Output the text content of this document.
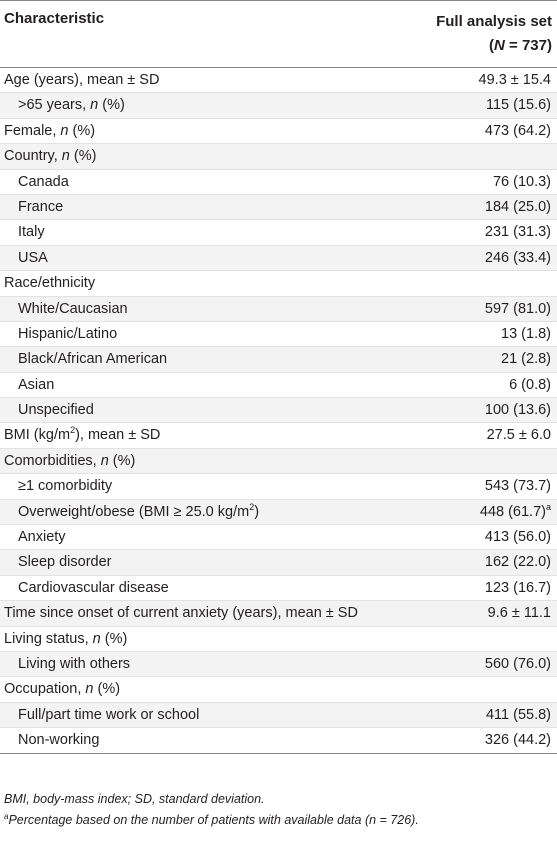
Characteristic	Full analysis set
(N = 737)
Age (years), mean ± SD	49.3 ± 15.4
>65 years, n (%)	115 (15.6)
Female, n (%)	473 (64.2)
Country, n (%)
Canada	76 (10.3)
France	184 (25.0)
Italy	231 (31.3)
USA	246 (33.4)
Race/ethnicity
White/Caucasian	597 (81.0)
Hispanic/Latino	13 (1.8)
Black/African American	21 (2.8)
Asian	6 (0.8)
Unspecified	100 (13.6)
BMI $(kg/m^2)$, mean ± SD	27.5 ± 6.0
Comorbidities, n (%)
≥1 comorbidity	543 (73.7)
Overweight/obese (BMI ≥ 25.0 $kg/m^2$)	448 $(61.7)^a$
Anxiety	413 (56.0)
Sleep disorder	162 (22.0)
Cardiovascular disease	123 (16.7)
Time since onset of current anxiety (years), mean ± SD	9.6 ± 11.1
Living status, n (%)
Living with others	560 (76.0)
Occupation, n (%)
Full/part time work or school	411 (55.8)
Non-working	326 (44.2)
BMI, body-mass index; SD, standard deviation.
$^a$Percentage based on the number of patients with available data (n = 726).
